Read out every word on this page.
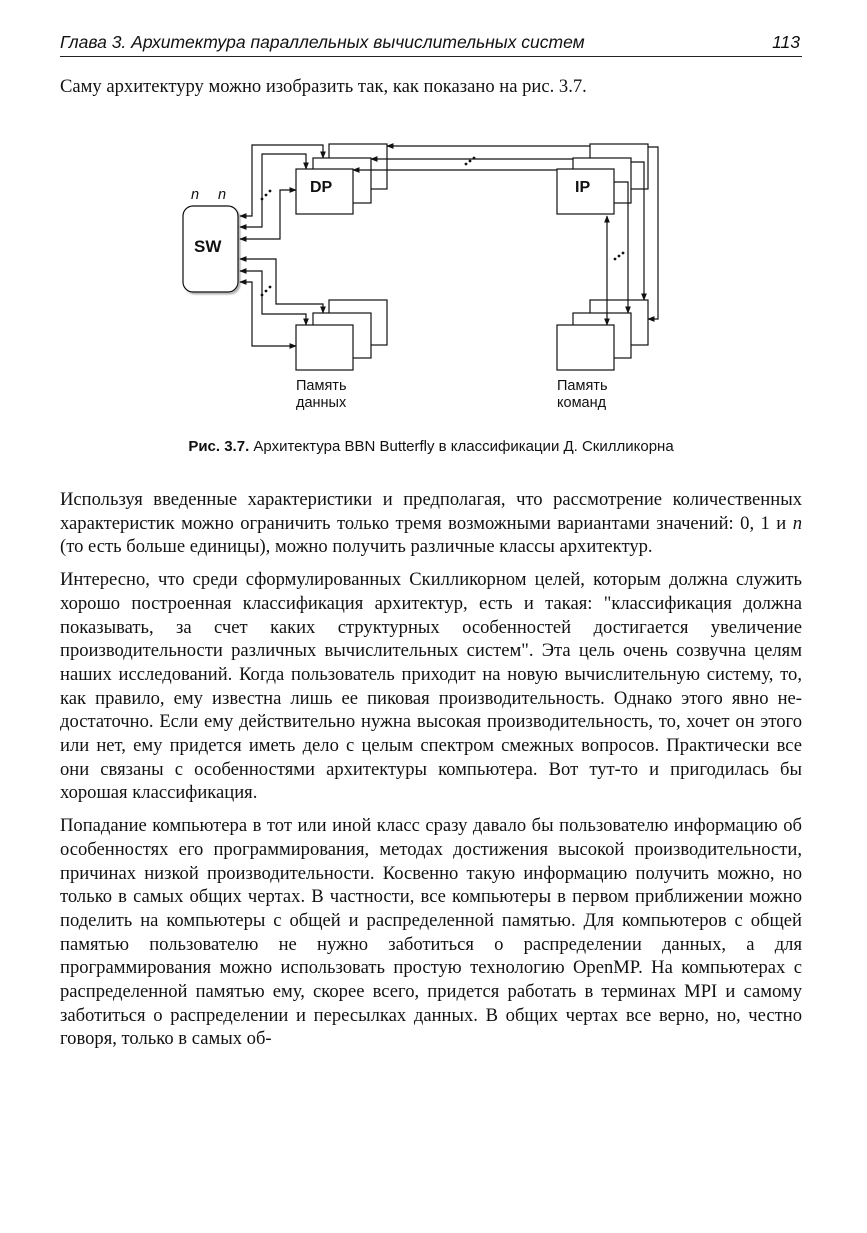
Глава 3. Архитектура параллельных вычислительных систем	113
Саму архитектуру можно изобразить так, как показано на рис. 3.7.
n n
SW
DP	IP
Память
данных
Память
команд
Рис. 3.7. Архитектура BBN Butterfly в классификации Д. Скилликорна

Используя введенные характеристики и предполагая, что рассмотрение количественных характеристик можно ограничить только тремя возможными вариантами значений: 0, 1 и n (то есть больше единицы), можно получить различные классы архитектур.

Интересно, что среди сформулированных Скилликорном целей, которым должна служить хорошо построенная классификация архитектур, есть и такая: "классификация должна показывать, за счет каких структурных особенностей достигается увеличение производительности различных вычислительных систем". Эта цель очень созвучна целям наших исследований. Когда пользователь приходит на новую вычислительную систему, то, как правило, ему известна лишь ее пиковая производительность. Однако этого явно недостаточно. Если ему действительно нужна высокая производительность, то, хочет он этого или нет, ему придется иметь дело с целым спектром смежных вопросов. Практически все они связаны с особенностями архитектуры компьютера. Вот тут-то и пригодилась бы хорошая классификация.

Попадание компьютера в тот или иной класс сразу давало бы пользователю информацию об особенностях его программирования, методах достижения высокой производительности, причинах низкой производительности. Косвенно такую информацию получить можно, но только в самых общих чертах. В частности, все компьютеры в первом приближении можно поделить на компьютеры с общей и распределенной памятью. Для компьютеров с общей памятью пользователю не нужно заботиться о распределении данных, а для программирования можно использовать простую технологию OpenMP. На компьютерах с распределенной памятью ему, скорее всего, придется работать в терминах MPI и самому заботиться о распределении и пересылках данных. В общих чертах все верно, но, честно говоря, только в самых об-
